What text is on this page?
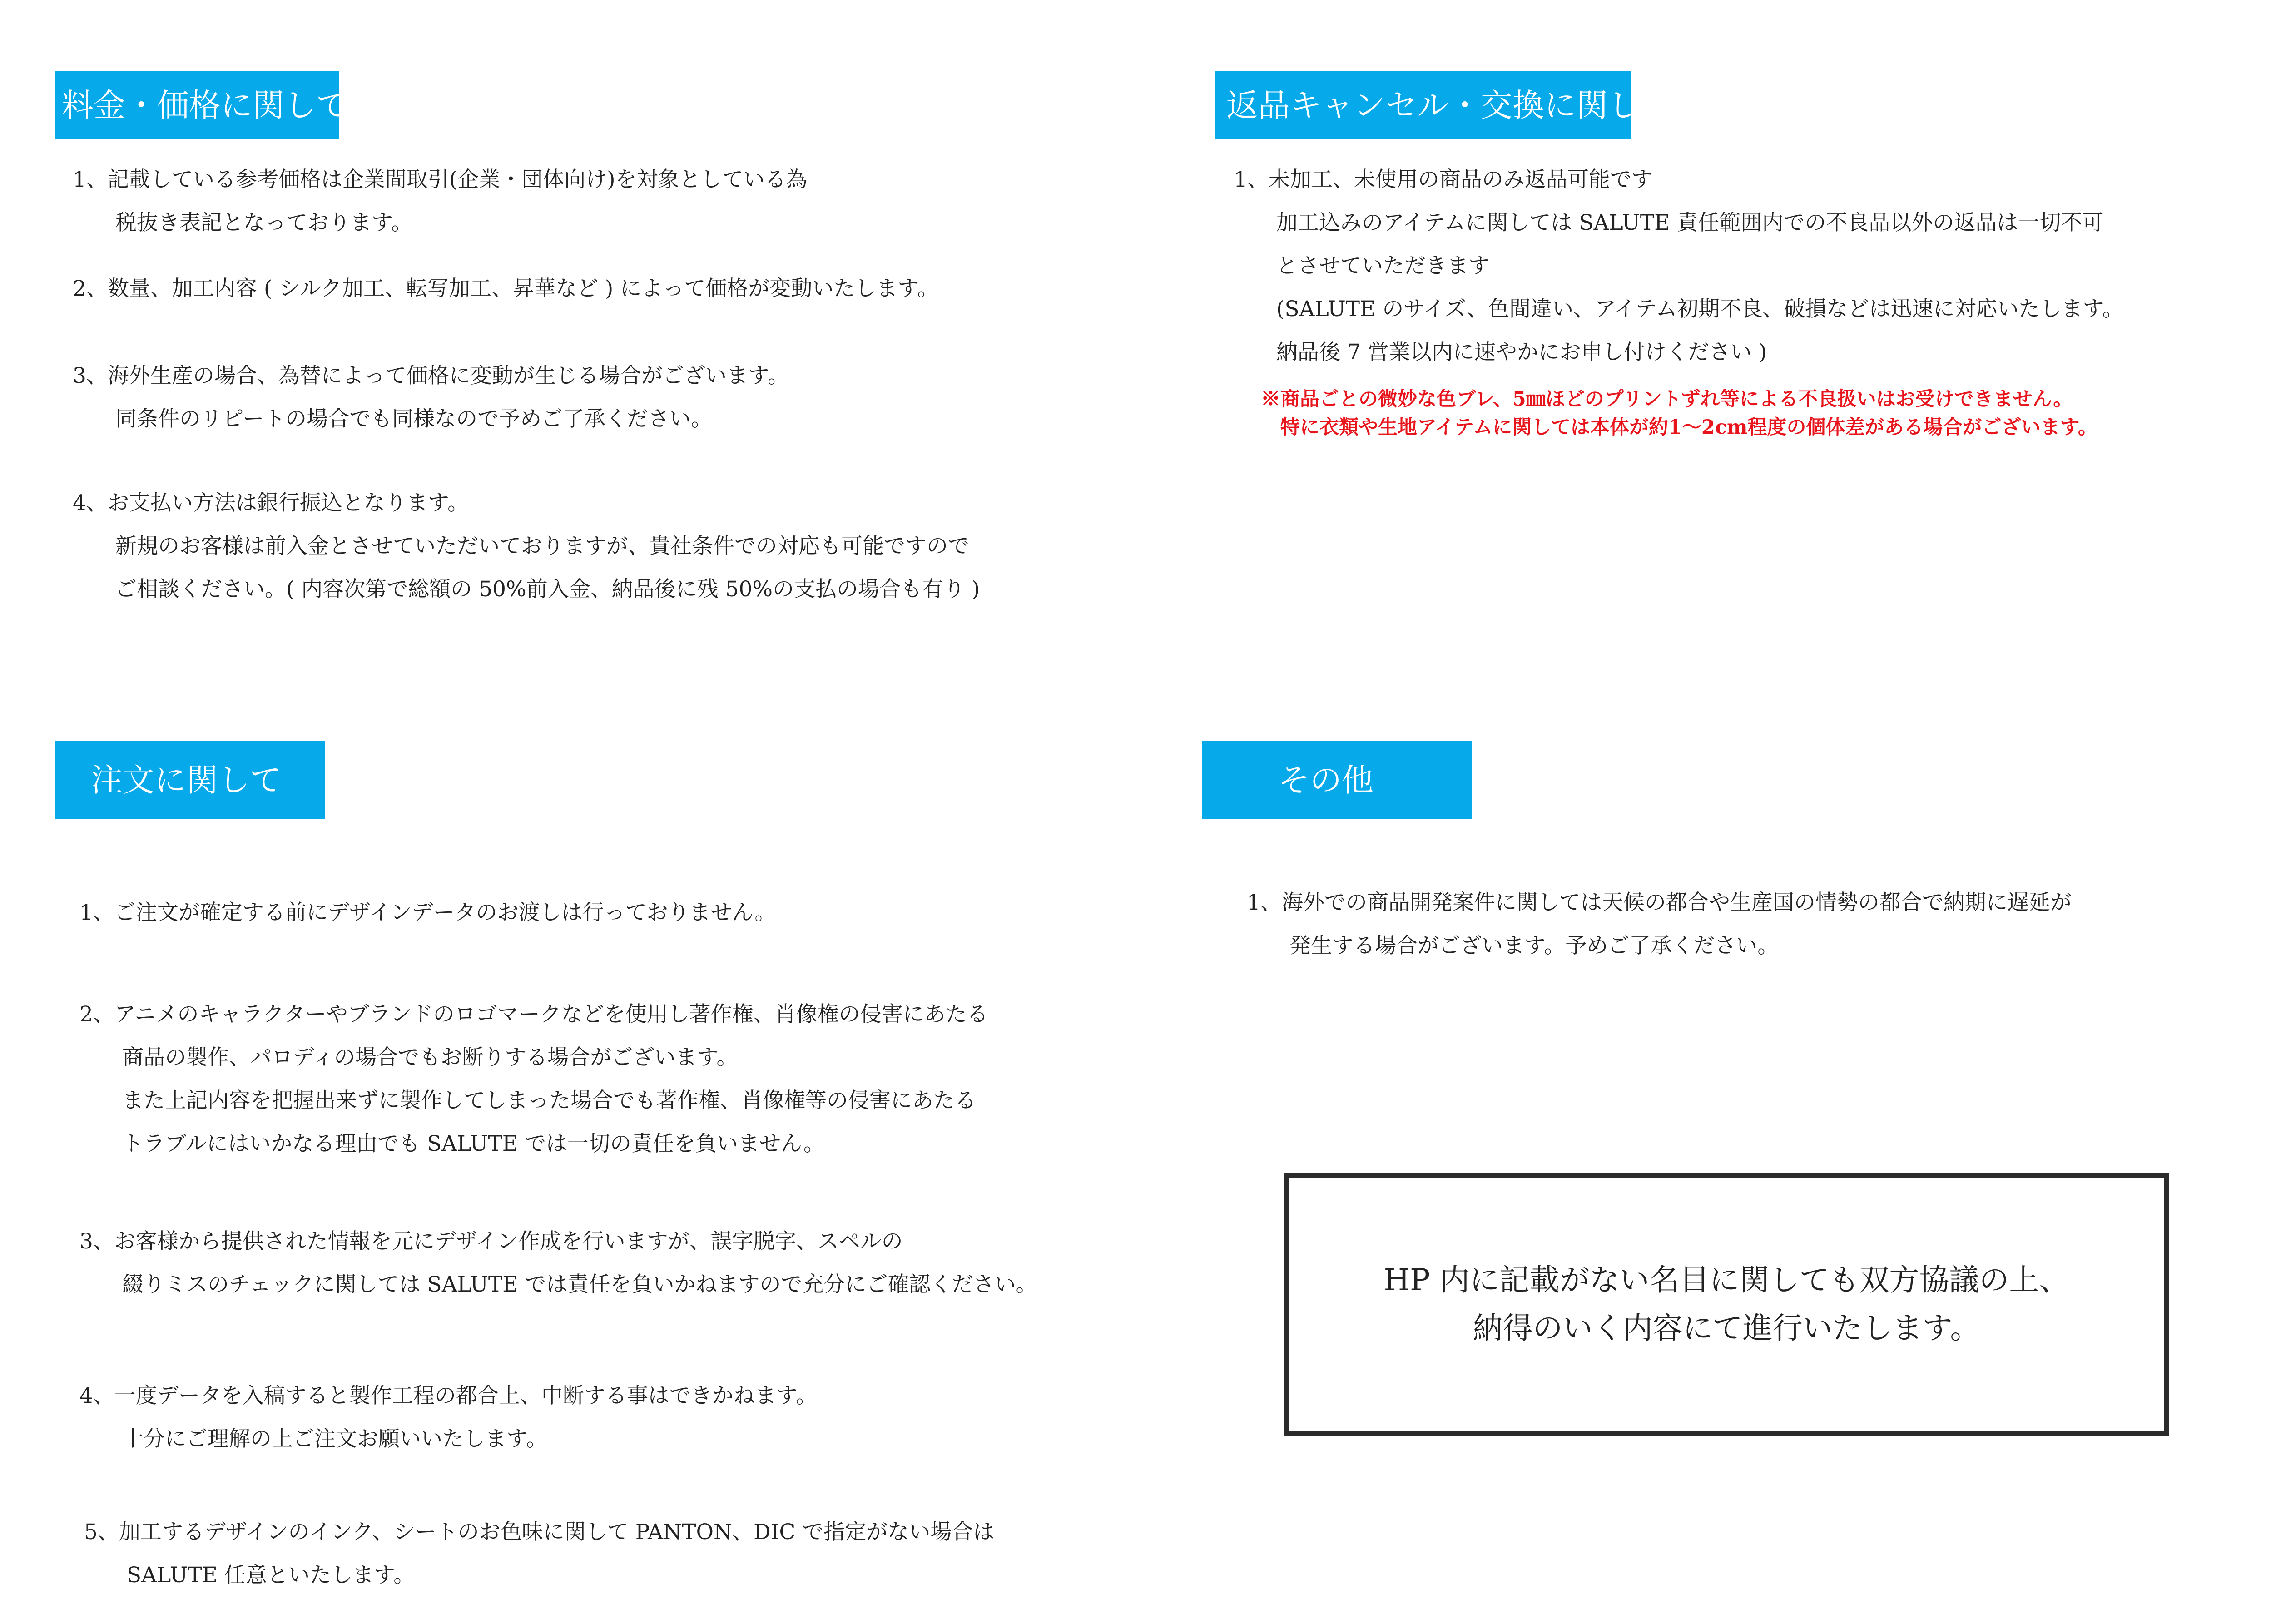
料金・価格に関して
1、記載している参考価格は企業間取引(企業・団体向け)を対象としている為
　　税抜き表記となっております。
2、数量、加工内容 ( シルク加工、転写加工、昇華など ) によって価格が変動いたします。
3、海外生産の場合、為替によって価格に変動が生じる場合がございます。
　　同条件のリピートの場合でも同様なので予めご了承ください。
4、お支払い方法は銀行振込となります。
　　新規のお客様は前入金とさせていただいておりますが、貴社条件での対応も可能ですので
　　ご相談ください。( 内容次第で総額の 50%前入金、納品後に残 50%の支払の場合も有り )
返品キャンセル・交換に関して
1、未加工、未使用の商品のみ返品可能です
　　加工込みのアイテムに関しては SALUTE 責任範囲内での不良品以外の返品は一切不可
　　とさせていただきます
　　(SALUTE のサイズ、色間違い、アイテム初期不良、破損などは迅速に対応いたします。
　　納品後 7 営業以内に速やかにお申し付けください )
※商品ごとの微妙な色ブレ、5㎜ほどのプリントずれ等による不良扱いはお受けできません。
　特に衣類や生地アイテムに関しては本体が約1～2cm程度の個体差がある場合がございます。
注文に関して
1、ご注文が確定する前にデザインデータのお渡しは行っておりません。
2、アニメのキャラクターやブランドのロゴマークなどを使用し著作権、肖像権の侵害にあたる
　　商品の製作、パロディの場合でもお断りする場合がございます。
　　また上記内容を把握出来ずに製作してしまった場合でも著作権、肖像権等の侵害にあたる
　　トラブルにはいかなる理由でも SALUTE では一切の責任を負いません。
3、お客様から提供された情報を元にデザイン作成を行いますが、誤字脱字、スペルの
　　綴りミスのチェックに関しては SALUTE では責任を負いかねますので充分にご確認ください。
4、一度データを入稿すると製作工程の都合上、中断する事はできかねます。
　　十分にご理解の上ご注文お願いいたします。
5、加工するデザインのインク、シートのお色味に関して PANTON、DIC で指定がない場合は
　　SALUTE 任意といたします。
その他
1、海外での商品開発案件に関しては天候の都合や生産国の情勢の都合で納期に遅延が
　　発生する場合がございます。予めご了承ください。
HP 内に記載がない名目に関しても双方協議の上、
納得のいく内容にて進行いたします。
